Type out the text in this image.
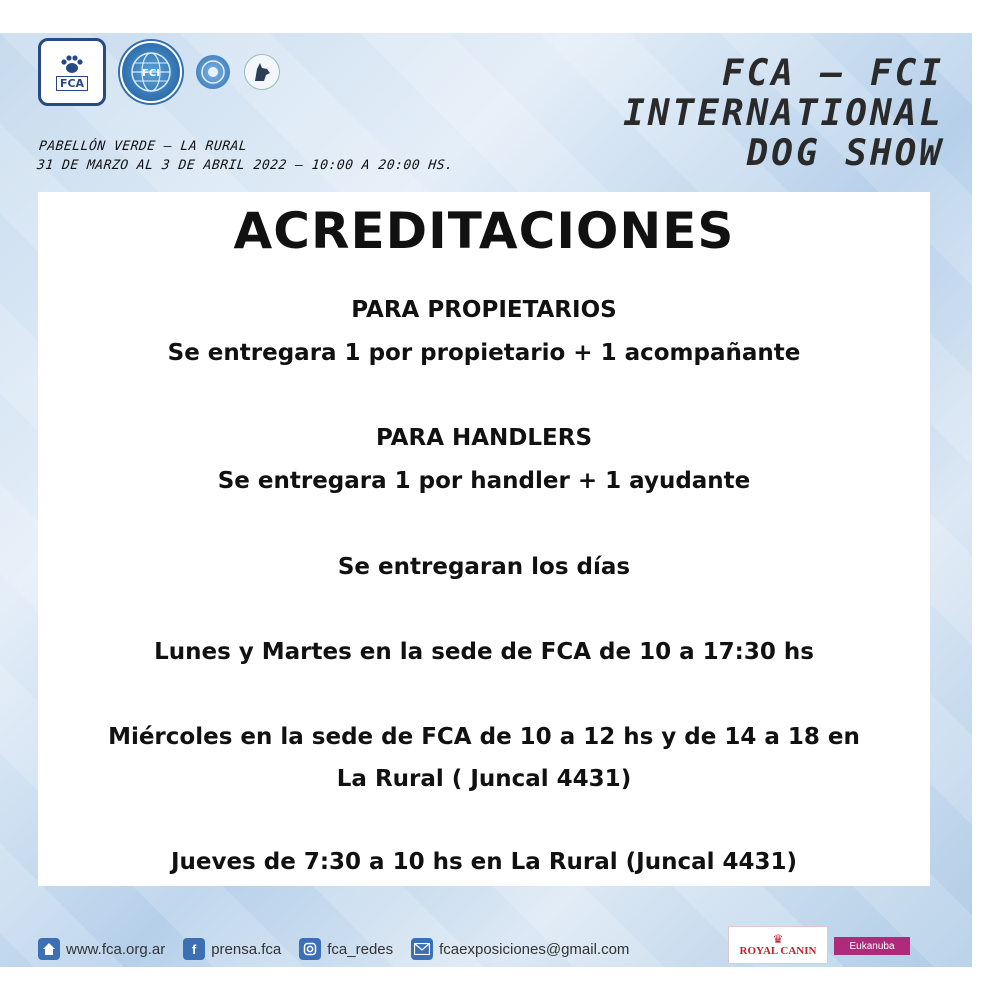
FCA
FCI
PABELLÓN VERDE – LA RURAL
31 DE MARZO AL 3 DE ABRIL 2022 – 10:00 A 20:00 HS.
FCA – FCI
INTERNATIONAL
DOG SHOW
ACREDITACIONES
PARA PROPIETARIOS
Se entregara 1 por propietario + 1 acompañante
PARA HANDLERS
Se entregara 1 por handler + 1 ayudante
Se entregaran los días
Lunes y Martes en la sede de FCA de 10 a 17:30 hs
Miércoles en la sede de FCA de 10 a 12 hs y de 14 a 18 en
La Rural ( Juncal 4431)
Jueves de 7:30 a 10 hs en La Rural (Juncal 4431)
www.fca.org.ar	f prensa.fca	fca_redes	fcaexposiciones@gmail.com
♛
ROYAL CANIN	Eukanuba
